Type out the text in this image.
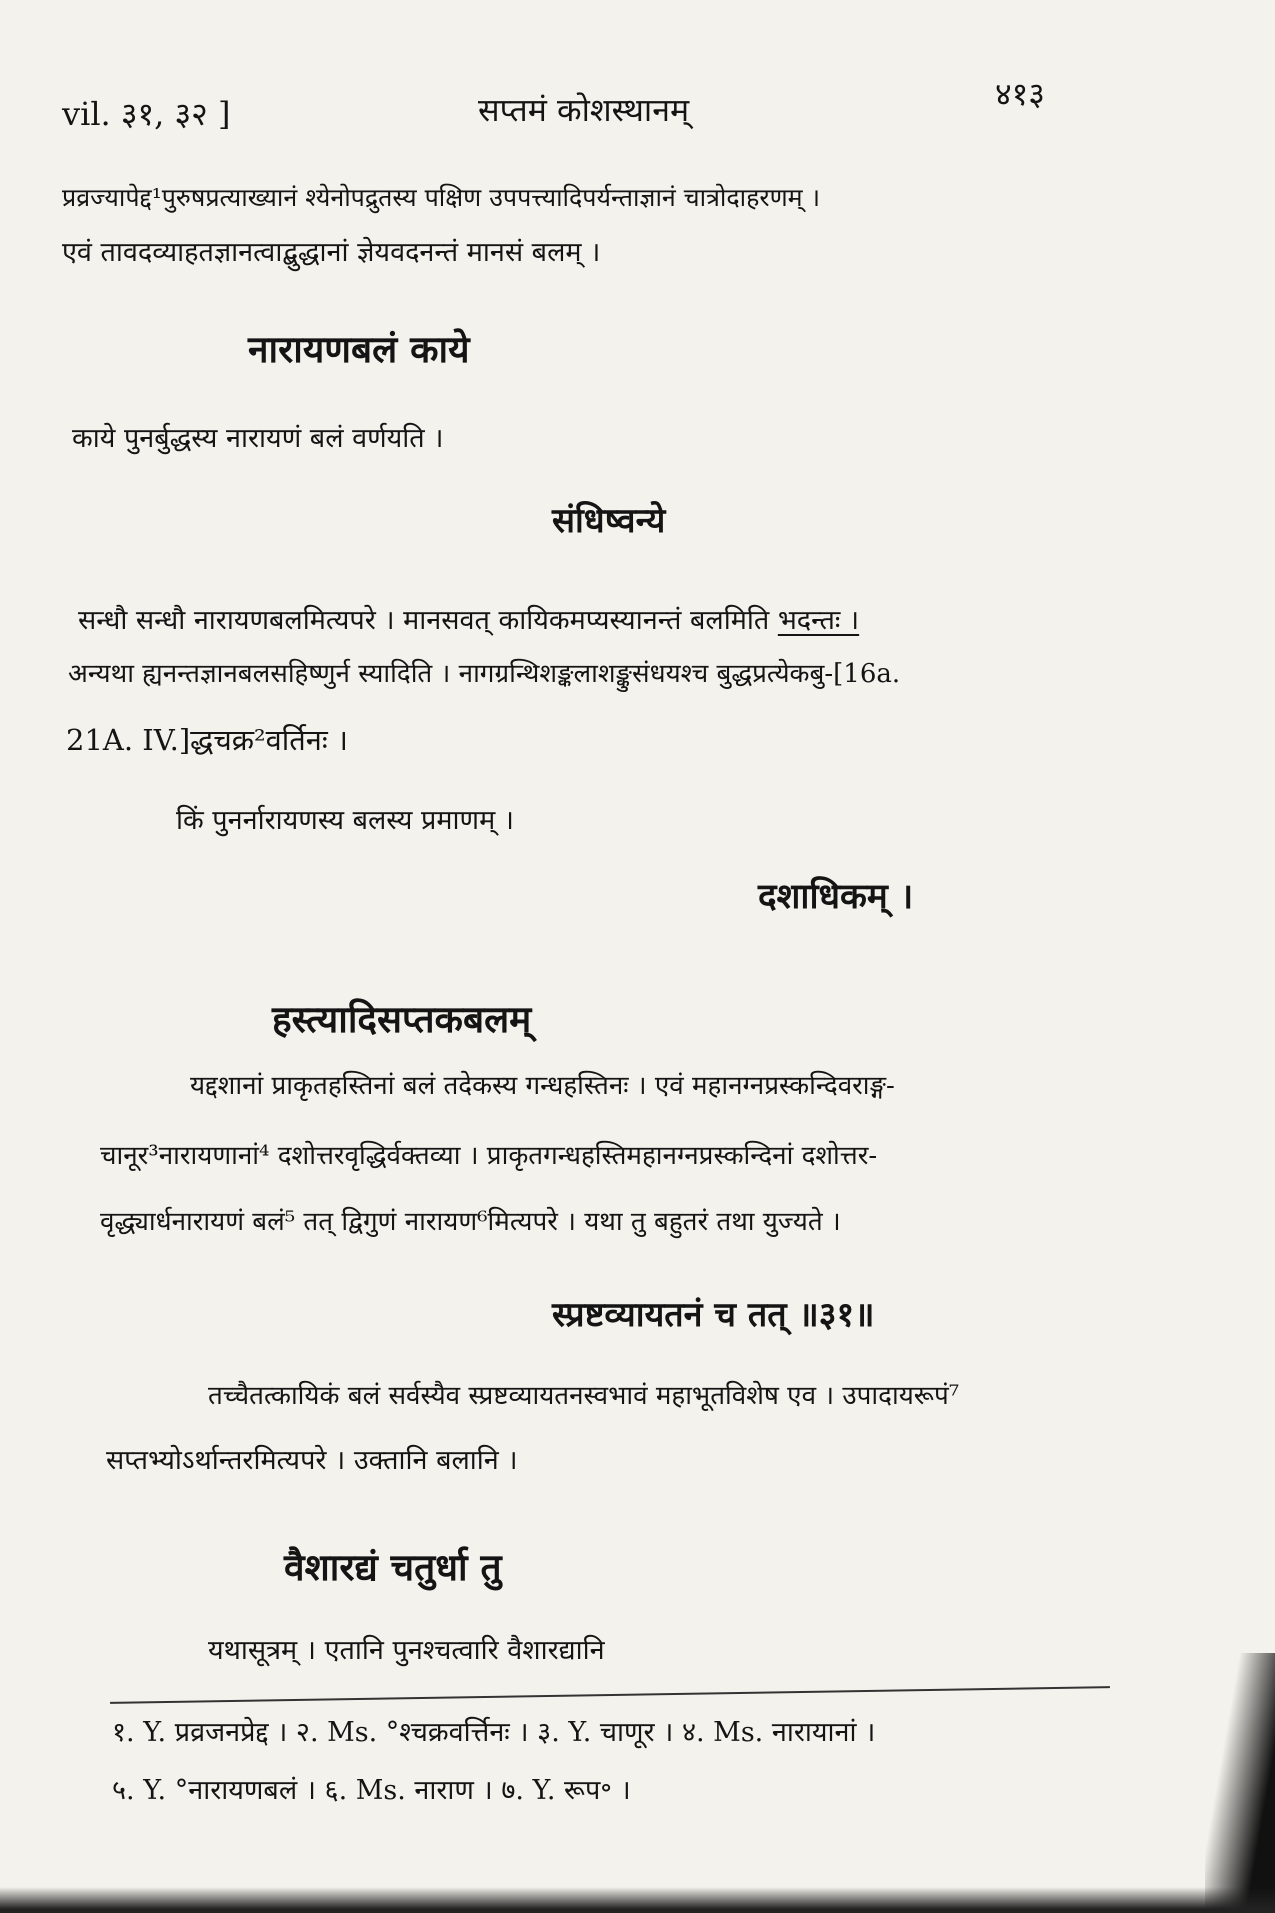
vil. ३१, ३२ ]	सप्तमं कोशस्थानम्	४१३
प्रव्रज्यापेद्द¹पुरुषप्रत्याख्यानं श्येनोपद्रुतस्य पक्षिण उपपत्त्यादिपर्यन्ताज्ञानं चात्रोदाहरणम् ।
एवं तावदव्याहतज्ञानत्वाद्बुद्धानां ज्ञेयवदनन्तं मानसं बलम् ।
नारायणबलं काये
काये पुनर्बुद्धस्य नारायणं बलं वर्णयति ।
संधिष्वन्ये
सन्धौ सन्धौ नारायणबलमित्यपरे । मानसवत् कायिकमप्यस्यानन्तं बलमिति भदन्तः ।
अन्यथा ह्यनन्तज्ञानबलसहिष्णुर्न स्यादिति । नागग्रन्थिशङ्कलाशङ्कुसंधयश्च बुद्धप्रत्येकबु-[16a.
21A. IV.]द्धचक्र²वर्तिनः ।
किं पुनर्नारायणस्य बलस्य प्रमाणम् ।
दशाधिकम् ।
हस्त्यादिसप्तकबलम्
यद्दशानां प्राकृतहस्तिनां बलं तदेकस्य गन्धहस्तिनः । एवं महानग्नप्रस्कन्दिवराङ्ग-
चानूर³नारायणानां⁴ दशोत्तरवृद्धिर्वक्तव्या । प्राकृतगन्धहस्तिमहानग्नप्रस्कन्दिनां दशोत्तर-
वृद्ध्यार्धनारायणं बलं⁵ तत् द्विगुणं नारायण⁶मित्यपरे । यथा तु बहुतरं तथा युज्यते ।
स्प्रष्टव्यायतनं च तत् ॥३१॥
तच्चैतत्कायिकं बलं सर्वस्यैव स्प्रष्टव्यायतनस्वभावं महाभूतविशेष एव । उपादायरूपं⁷
सप्तभ्योऽर्थान्तरमित्यपरे । उक्तानि बलानि ।
वैशारद्यं चतुर्धा तु
यथासूत्रम् । एतानि पुनश्चत्वारि वैशारद्यानि
१. Y. प्रव्रजनप्रेद्द । २. Ms. °श्चक्रवर्त्तिनः । ३. Y. चाणूर । ४. Ms. नारायानां ।
५. Y. °नारायणबलं । ६. Ms. नाराण । ७. Y. रूप॰ ।
